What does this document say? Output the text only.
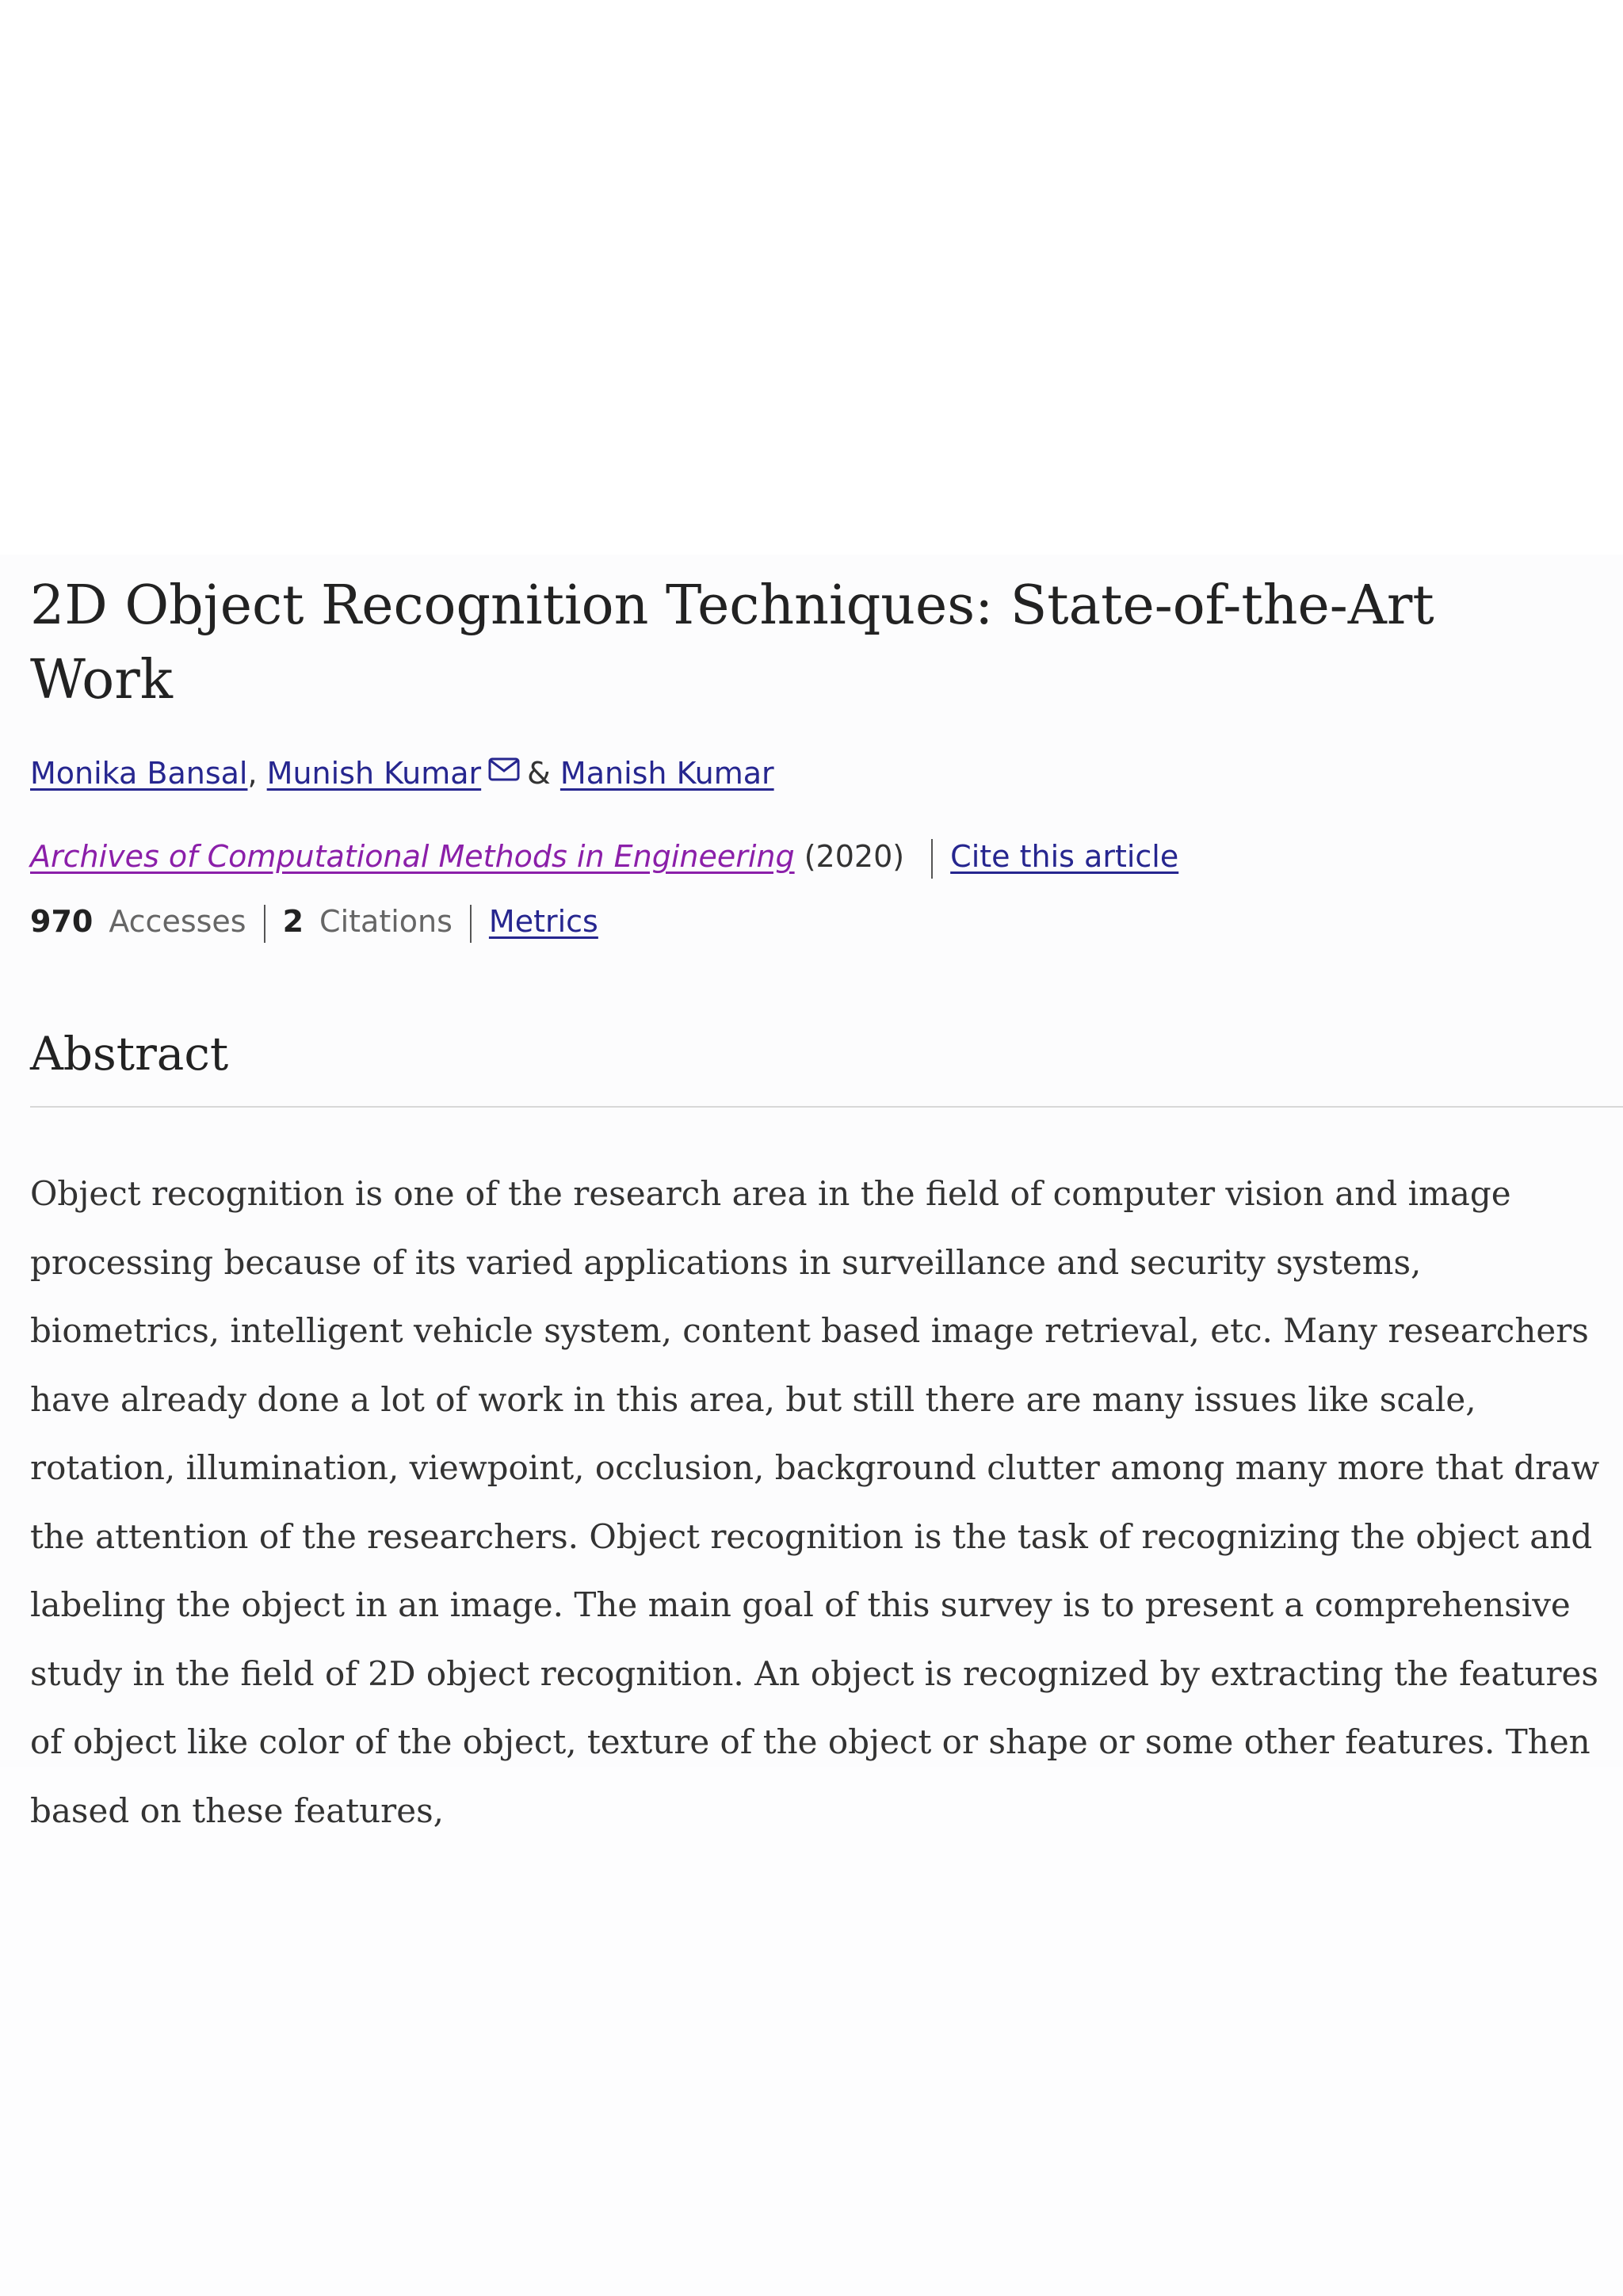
2D Object Recognition Techniques: State-of-the-Art Work
Monika Bansal, Munish Kumar & Manish Kumar
Archives of Computational Methods in Engineering (2020) Cite this article
970 Accesses 2 Citations Metrics
Abstract

Object recognition is one of the research area in the field of computer vision and image processing because of its varied applications in surveillance and security systems, biometrics, intelligent vehicle system, content based image retrieval, etc. Many researchers have already done a lot of work in this area, but still there are many issues like scale, rotation, illumination, viewpoint, occlusion, background clutter among many more that draw the attention of the researchers. Object recognition is the task of recognizing the object and labeling the object in an image. The main goal of this survey is to present a comprehensive study in the field of 2D object recognition. An object is recognized by extracting the features of object like color of the object, texture of the object or shape or some other features. Then based on these features,
